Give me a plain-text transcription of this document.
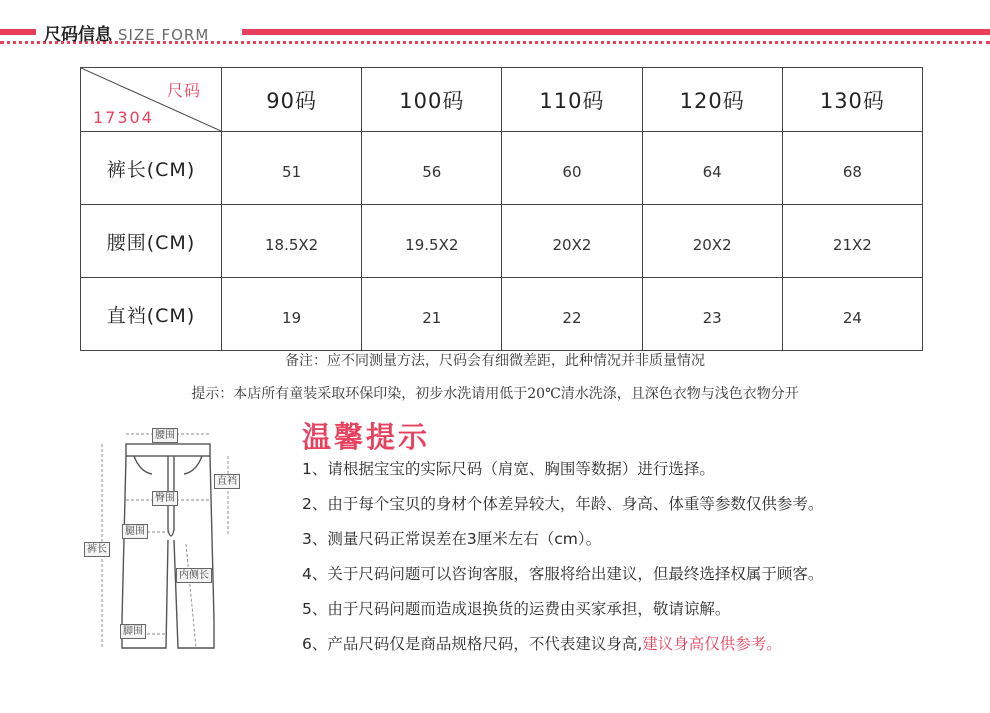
尺码信息 SIZE FORM
尺码
17304	90码	100码	110码	120码	130码
裤长(CM)	51	56	60	64	68
腰围(CM)	18.5X2	19.5X2	20X2	20X2	21X2
直裆(CM)	19	21	22	23	24
备注：应不同测量方法，尺码会有细微差距，此种情况并非质量情况
提示：本店所有童装采取环保印染，初步水洗请用低于20℃清水洗涤，且深色衣物与浅色衣物分开
腰围
直裆
臀围
腿围
裤长
内侧长
脚围
温馨提示
1、请根据宝宝的实际尺码（肩宽、胸围等数据）进行选择。
2、由于每个宝贝的身材个体差异较大，年龄、身高、体重等参数仅供参考。
3、测量尺码正常误差在3厘米左右（cm）。
4、关于尺码问题可以咨询客服，客服将给出建议，但最终选择权属于顾客。
5、由于尺码问题而造成退换货的运费由买家承担，敬请谅解。
6、产品尺码仅是商品规格尺码，不代表建议身高,建议身高仅供参考。
